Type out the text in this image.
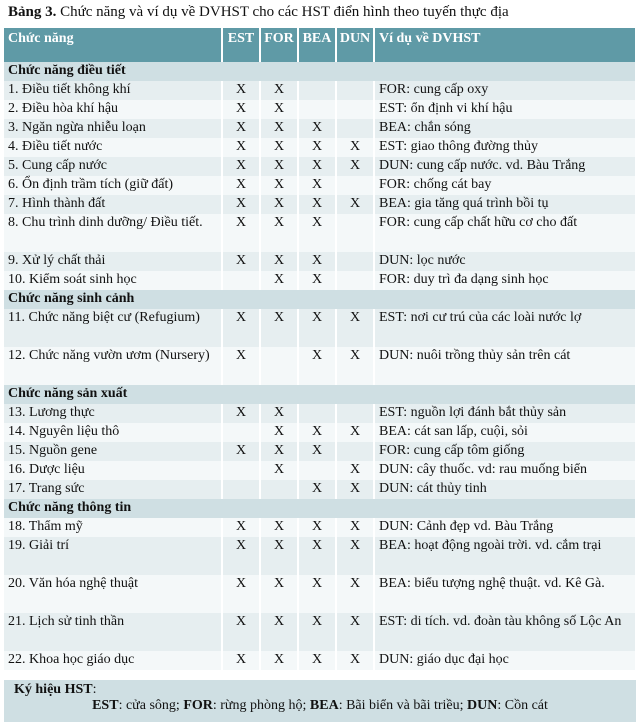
Bảng 3. Chức năng và ví dụ về DVHST cho các HST điển hình theo tuyến thực địa
Chức năng	EST	FOR	BEA	DUN	Ví dụ về DVHST
Chức năng điều tiết					
1. Điều tiết không khí	X	X			FOR: cung cấp oxy
2. Điều hòa khí hậu	X	X			EST: ổn định vi khí hậu
3. Ngăn ngừa nhiễu loạn	X	X	X		BEA: chắn sóng
4. Điều tiết nước	X	X	X	X	EST: giao thông đường thủy
5. Cung cấp nước	X	X	X	X	DUN: cung cấp nước. vd. Bàu Trắng
6. Ổn định trầm tích (giữ đất)	X	X	X		FOR: chống cát bay
7. Hình thành đất	X	X	X	X	BEA: gia tăng quá trình bồi tụ
8. Chu trình dinh dưỡng/ Điều tiết.	X	X	X		FOR: cung cấp chất hữu cơ cho đất
9. Xử lý chất thải	X	X	X		DUN: lọc nước
10. Kiểm soát sinh học		X	X		FOR: duy trì đa dạng sinh học
Chức năng sinh cảnh					
11. Chức năng biệt cư (Refugium)	X	X	X	X	EST: nơi cư trú của các loài nước lợ
12. Chức năng vườn ươm (Nursery)	X		X	X	DUN: nuôi trồng thủy sản trên cát
Chức năng sản xuất					
13. Lương thực	X	X			EST: nguồn lợi đánh bắt thủy sản
14. Nguyên liệu thô		X	X	X	BEA: cát san lấp, cuội, sỏi
15. Nguồn gene	X	X	X		FOR: cung cấp tôm giống
16. Dược liệu		X		X	DUN: cây thuốc. vd: rau muống biển
17. Trang sức			X	X	DUN: cát thủy tinh
Chức năng thông tin					
18. Thẩm mỹ	X	X	X	X	DUN: Cảnh đẹp vd. Bàu Trắng
19. Giải trí	X	X	X	X	BEA: hoạt động ngoài trời. vd. cắm trại
20. Văn hóa nghệ thuật	X	X	X	X	BEA: biểu tượng nghệ thuật. vd. Kê Gà.
21. Lịch sử tinh thần	X	X	X	X	EST: di tích. vd. đoàn tàu không số Lộc An
22. Khoa học giáo dục	X	X	X	X	DUN: giáo dục đại học
Ký hiệu HST:
EST: cửa sông; FOR: rừng phòng hộ; BEA: Bãi biển và bãi triều; DUN: Cồn cát
